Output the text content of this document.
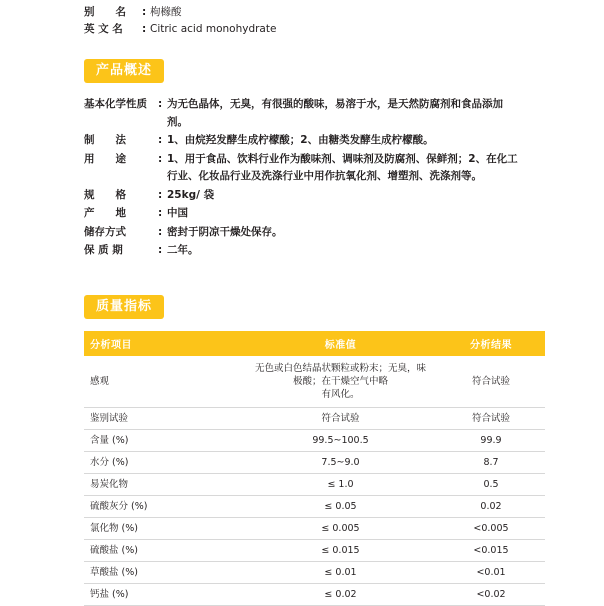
别　　名	: 枸橼酸
英 文 名	: Citric acid monohydrate
产品概述
基本化学性质	: 为无色晶体，无臭，有很强的酸味，易溶于水，是天然防腐剂和食品添加剂。
制　　法	: 1、由烷羟发酵生成柠檬酸；2、由糖类发酵生成柠檬酸。
用　　途	: 1、用于食品、饮料行业作为酸味剂、调味剂及防腐剂、保鲜剂；2、在化工行业、化妆品行业及洗涤行业中用作抗氧化剂、增塑剂、洗涤剂等。
规　　格	: 25kg/ 袋
产　　地	: 中国
储存方式	: 密封于阴凉干燥处保存。
保 质 期	: 二年。
质量指标
分析项目	标准值	分析结果
感观	无色或白色结晶状颗粒或粉末；无臭，味
极酸；在干燥空气中略
有风化。	符合试验
鉴别试验	符合试验	符合试验
含量 (%)	99.5~100.5	99.9
水分 (%)	7.5~9.0	8.7
易炭化物	≤ 1.0	0.5
硫酸灰分 (%)	≤ 0.05	0.02
氯化物 (%)	≤ 0.005	<0.005
硫酸盐 (%)	≤ 0.015	<0.015
草酸盐 (%)	≤ 0.01	<0.01
钙盐 (%)	≤ 0.02	<0.02
